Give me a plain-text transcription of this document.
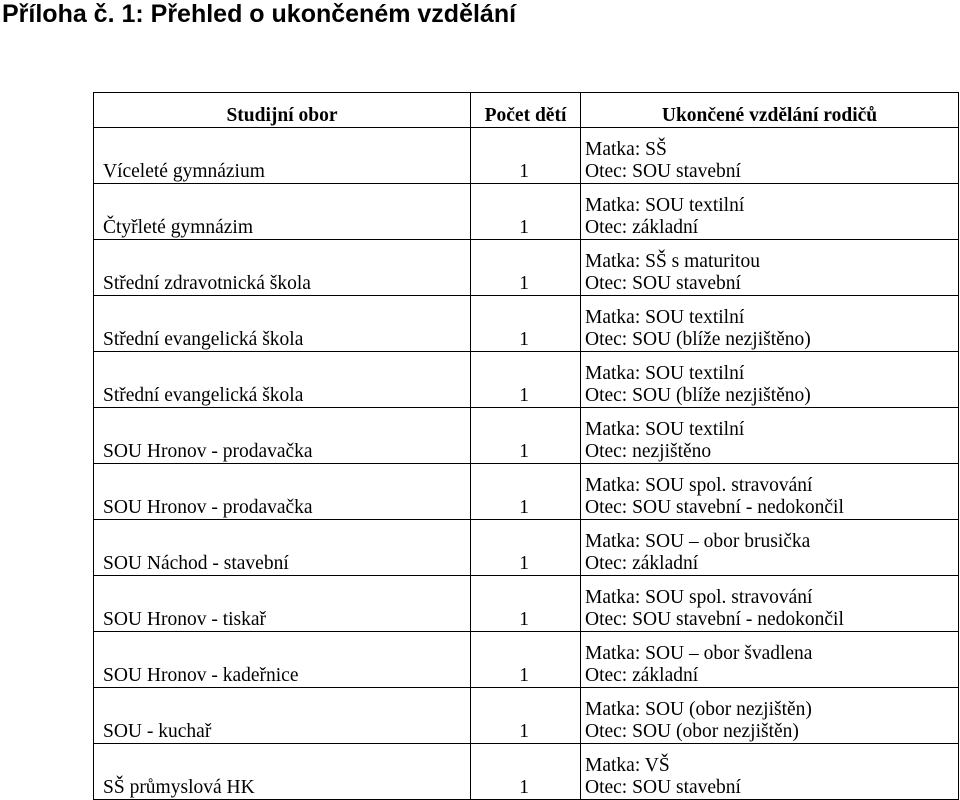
Příloha č. 1: Přehled o ukončeném vzdělání
Studijní obor	Počet dětí	Ukončené vzdělání rodičů
Víceleté gymnázium	1	Matka: SŠ
Otec: SOU stavební

Čtyřleté gymnázim	1	Matka: SOU textilní
Otec: základní

Střední zdravotnická škola	1	Matka: SŠ s maturitou
Otec: SOU stavební

Střední evangelická škola	1	Matka: SOU textilní
Otec: SOU (blíže nezjištěno)

Střední evangelická škola	1	Matka: SOU textilní
Otec: SOU (blíže nezjištěno)

SOU Hronov - prodavačka	1	Matka: SOU textilní
Otec: nezjištěno

SOU Hronov - prodavačka	1	Matka: SOU spol. stravování
Otec: SOU stavební - nedokončil

SOU Náchod - stavební	1	Matka: SOU – obor brusička
Otec: základní

SOU Hronov - tiskař	1	Matka: SOU spol. stravování
Otec: SOU stavební - nedokončil

SOU Hronov - kadeřnice	1	Matka: SOU – obor švadlena
Otec: základní

SOU - kuchař	1	Matka: SOU (obor nezjištěn)
Otec: SOU (obor nezjištěn)

SŠ průmyslová HK	1	Matka: VŠ
Otec: SOU stavební
